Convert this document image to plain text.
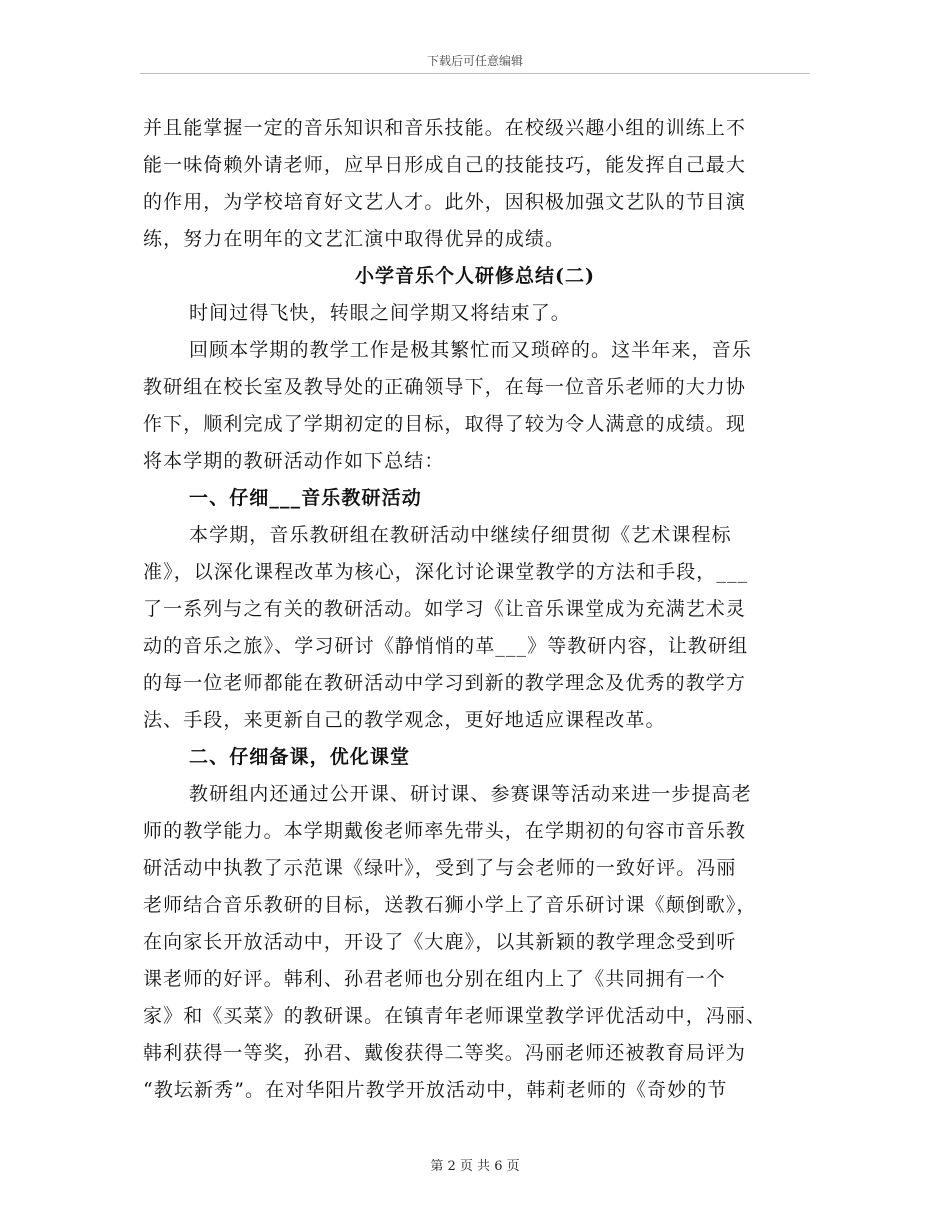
下载后可任意编辑
并且能掌握一定的音乐知识和音乐技能。在校级兴趣小组的训练上不
能一味倚赖外请老师，应早日形成自己的技能技巧，能发挥自己最大
的作用，为学校培育好文艺人才。此外，因积极加强文艺队的节目演
练，努力在明年的文艺汇演中取得优异的成绩。
小学音乐个人研修总结(二)
时间过得飞快，转眼之间学期又将结束了。
回顾本学期的教学工作是极其繁忙而又琐碎的。这半年来，音乐
教研组在校长室及教导处的正确领导下，在每一位音乐老师的大力协
作下，顺利完成了学期初定的目标，取得了较为令人满意的成绩。现
将本学期的教研活动作如下总结：
一、仔细___音乐教研活动
本学期，音乐教研组在教研活动中继续仔细贯彻《艺术课程标
准》，以深化课程改革为核心，深化讨论课堂教学的方法和手段，___
了一系列与之有关的教研活动。如学习《让音乐课堂成为充满艺术灵
动的音乐之旅》、学习研讨《静悄悄的革___》等教研内容，让教研组
的每一位老师都能在教研活动中学习到新的教学理念及优秀的教学方
法、手段，来更新自己的教学观念，更好地适应课程改革。
二、仔细备课，优化课堂
教研组内还通过公开课、研讨课、参赛课等活动来进一步提高老
师的教学能力。本学期戴俊老师率先带头，在学期初的句容市音乐教
研活动中执教了示范课《绿叶》，受到了与会老师的一致好评。冯丽
老师结合音乐教研的目标，送教石狮小学上了音乐研讨课《颠倒歌》，
在向家长开放活动中，开设了《大鹿》，以其新颖的教学理念受到听
课老师的好评。韩利、孙君老师也分别在组内上了《共同拥有一个
家》和《买菜》的教研课。在镇青年老师课堂教学评优活动中，冯丽、
韩利获得一等奖，孙君、戴俊获得二等奖。冯丽老师还被教育局评为
“教坛新秀”。在对华阳片教学开放活动中，韩莉老师的《奇妙的节
第 2 页 共 6 页
